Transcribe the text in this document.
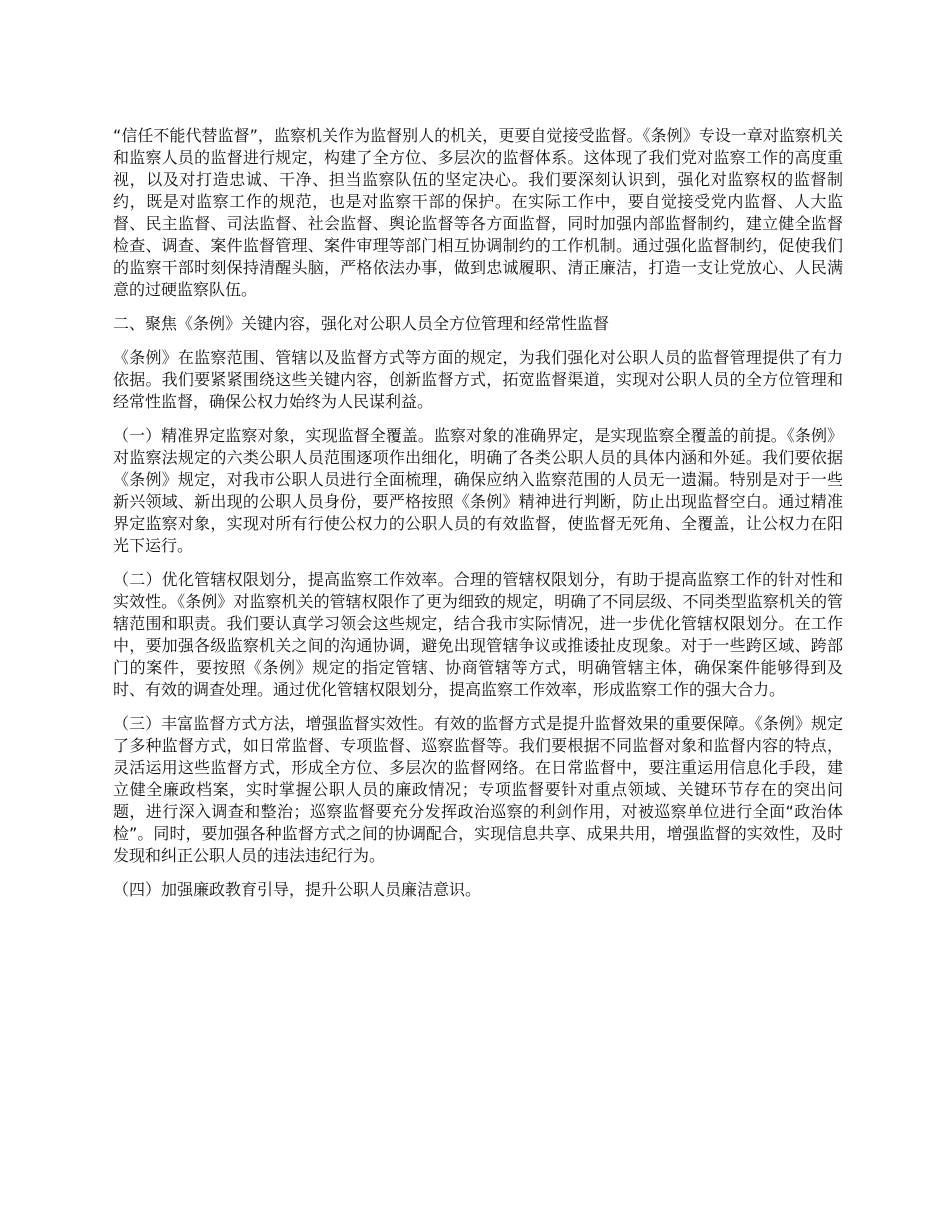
“信任不能代替监督”，监察机关作为监督别人的机关，更要自觉接受监督。《条例》专设一章对监察机关和监察人员的监督进行规定，构建了全方位、多层次的监督体系。这体现了我们党对监察工作的高度重视，以及对打造忠诚、干净、担当监察队伍的坚定决心。我们要深刻认识到，强化对监察权的监督制约，既是对监察工作的规范，也是对监察干部的保护。在实际工作中，要自觉接受党内监督、人大监督、民主监督、司法监督、社会监督、舆论监督等各方面监督，同时加强内部监督制约，建立健全监督检查、调查、案件监督管理、案件审理等部门相互协调制约的工作机制。通过强化监督制约，促使我们的监察干部时刻保持清醒头脑，严格依法办事，做到忠诚履职、清正廉洁，打造一支让党放心、人民满意的过硬监察队伍。

二、聚焦《条例》关键内容，强化对公职人员全方位管理和经常性监督

《条例》在监察范围、管辖以及监督方式等方面的规定，为我们强化对公职人员的监督管理提供了有力依据。我们要紧紧围绕这些关键内容，创新监督方式，拓宽监督渠道，实现对公职人员的全方位管理和经常性监督，确保公权力始终为人民谋利益。

（一）精准界定监察对象，实现监督全覆盖。监察对象的准确界定，是实现监察全覆盖的前提。《条例》对监察法规定的六类公职人员范围逐项作出细化，明确了各类公职人员的具体内涵和外延。我们要依据《条例》规定，对我市公职人员进行全面梳理，确保应纳入监察范围的人员无一遗漏。特别是对于一些新兴领域、新出现的公职人员身份，要严格按照《条例》精神进行判断，防止出现监督空白。通过精准界定监察对象，实现对所有行使公权力的公职人员的有效监督，使监督无死角、全覆盖，让公权力在阳光下运行。

（二）优化管辖权限划分，提高监察工作效率。合理的管辖权限划分，有助于提高监察工作的针对性和实效性。《条例》对监察机关的管辖权限作了更为细致的规定，明确了不同层级、不同类型监察机关的管辖范围和职责。我们要认真学习领会这些规定，结合我市实际情况，进一步优化管辖权限划分。在工作中，要加强各级监察机关之间的沟通协调，避免出现管辖争议或推诿扯皮现象。对于一些跨区域、跨部门的案件，要按照《条例》规定的指定管辖、协商管辖等方式，明确管辖主体，确保案件能够得到及时、有效的调查处理。通过优化管辖权限划分，提高监察工作效率，形成监察工作的强大合力。

（三）丰富监督方式方法，增强监督实效性。有效的监督方式是提升监督效果的重要保障。《条例》规定了多种监督方式，如日常监督、专项监督、巡察监督等。我们要根据不同监督对象和监督内容的特点，灵活运用这些监督方式，形成全方位、多层次的监督网络。在日常监督中，要注重运用信息化手段，建立健全廉政档案，实时掌握公职人员的廉政情况；专项监督要针对重点领域、关键环节存在的突出问题，进行深入调查和整治；巡察监督要充分发挥政治巡察的利剑作用，对被巡察单位进行全面“政治体检”。同时，要加强各种监督方式之间的协调配合，实现信息共享、成果共用，增强监督的实效性，及时发现和纠正公职人员的违法违纪行为。

（四）加强廉政教育引导，提升公职人员廉洁意识。
